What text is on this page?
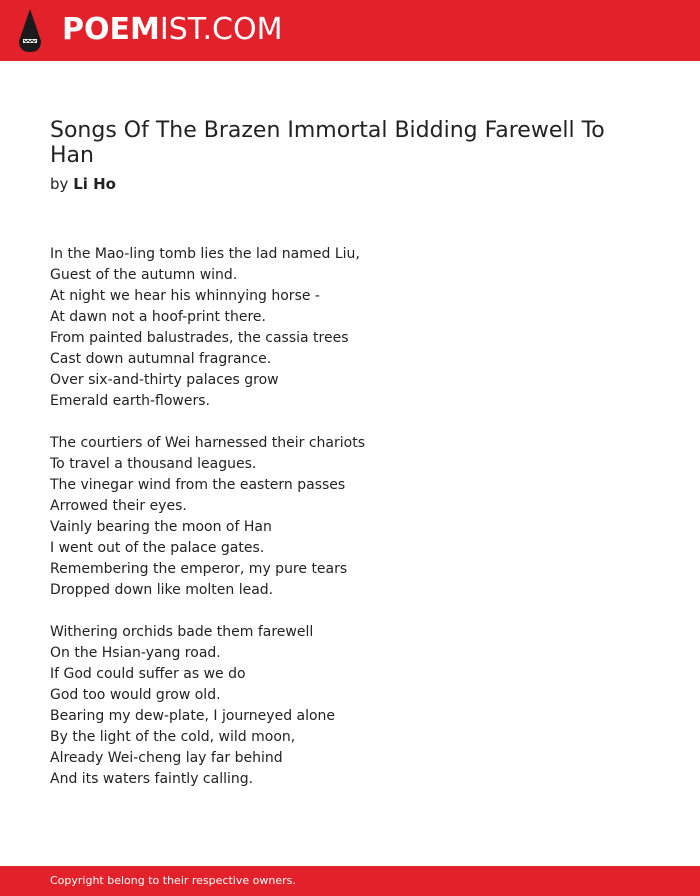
POEMIST.COM
Songs Of The Brazen Immortal Bidding Farewell To Han
by Li Ho
In the Mao-ling tomb lies the lad named Liu,
Guest of the autumn wind.
At night we hear his whinnying horse -
At dawn not a hoof-print there.
From painted balustrades, the cassia trees
Cast down autumnal fragrance.
Over six-and-thirty palaces grow
Emerald earth-flowers.
The courtiers of Wei harnessed their chariots
To travel a thousand leagues.
The vinegar wind from the eastern passes
Arrowed their eyes.
Vainly bearing the moon of Han
I went out of the palace gates.
Remembering the emperor, my pure tears
Dropped down like molten lead.
Withering orchids bade them farewell
On the Hsian-yang road.
If God could suffer as we do
God too would grow old.
Bearing my dew-plate, I journeyed alone
By the light of the cold, wild moon,
Already Wei-cheng lay far behind
And its waters faintly calling.
Copyright belong to their respective owners.
